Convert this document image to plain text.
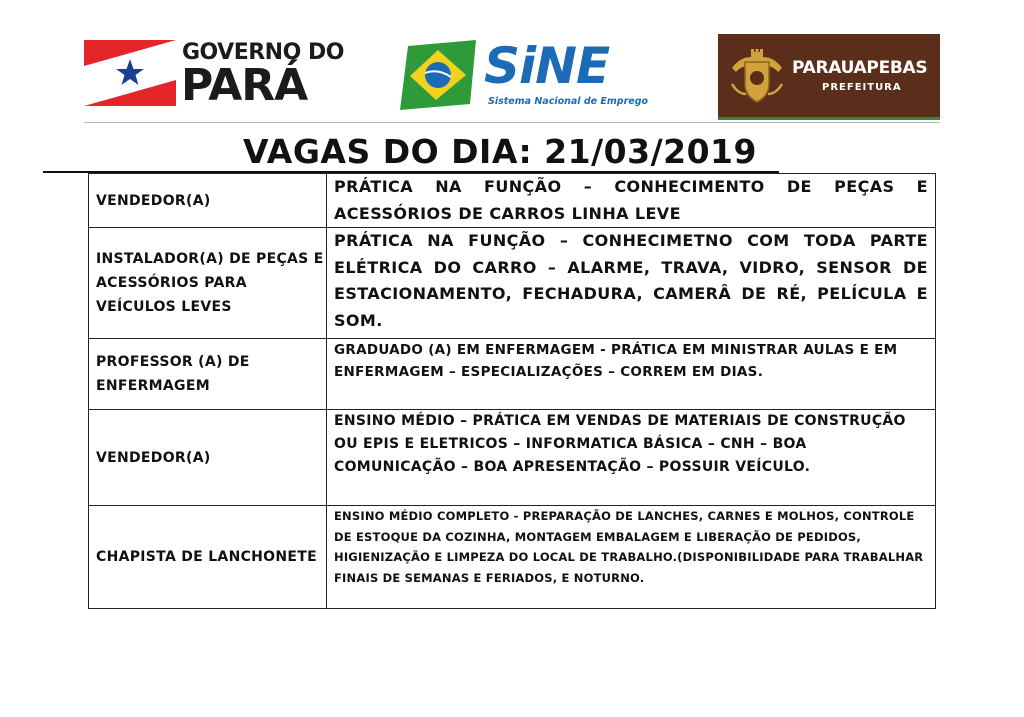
GOVERNO DO
PARÁ	SiNE
Sistema Nacional de Emprego
PARAUAPEBAS
PREFEITURA
VAGAS DO DIA: 21/03/2019
VENDEDOR(A)	PRÁTICA NA FUNÇÃO – CONHECIMENTO DE PEÇAS E ACESSÓRIOS DE CARROS LINHA LEVE
INSTALADOR(A) DE PEÇAS E ACESSÓRIOS PARA VEÍCULOS LEVES	PRÁTICA NA FUNÇÃO – CONHECIMETNO COM TODA PARTE ELÉTRICA DO CARRO – ALARME, TRAVA, VIDRO, SENSOR DE ESTACIONAMENTO, FECHADURA, CAMERÂ DE RÉ, PELÍCULA E SOM.
PROFESSOR (A) DE ENFERMAGEM	GRADUADO (A) EM ENFERMAGEM - PRÁTICA EM MINISTRAR AULAS E EM ENFERMAGEM – ESPECIALIZAÇÕES – CORREM EM DIAS.
VENDEDOR(A)	ENSINO MÉDIO – PRÁTICA EM VENDAS DE MATERIAIS DE CONSTRUÇÃO OU EPIS E ELETRICOS – INFORMATICA BÁSICA – CNH – BOA COMUNICAÇÃO – BOA APRESENTAÇÃO – POSSUIR VEÍCULO.
CHAPISTA DE LANCHONETE	ENSINO MÉDIO COMPLETO - PREPARAÇÃO DE LANCHES, CARNES E MOLHOS, CONTROLE DE ESTOQUE DA COZINHA, MONTAGEM EMBALAGEM E LIBERAÇÃO DE PEDIDOS, HIGIENIZAÇÃO E LIMPEZA DO LOCAL DE TRABALHO.(DISPONIBILIDADE PARA TRABALHAR FINAIS DE SEMANAS E FERIADOS, E NOTURNO.
